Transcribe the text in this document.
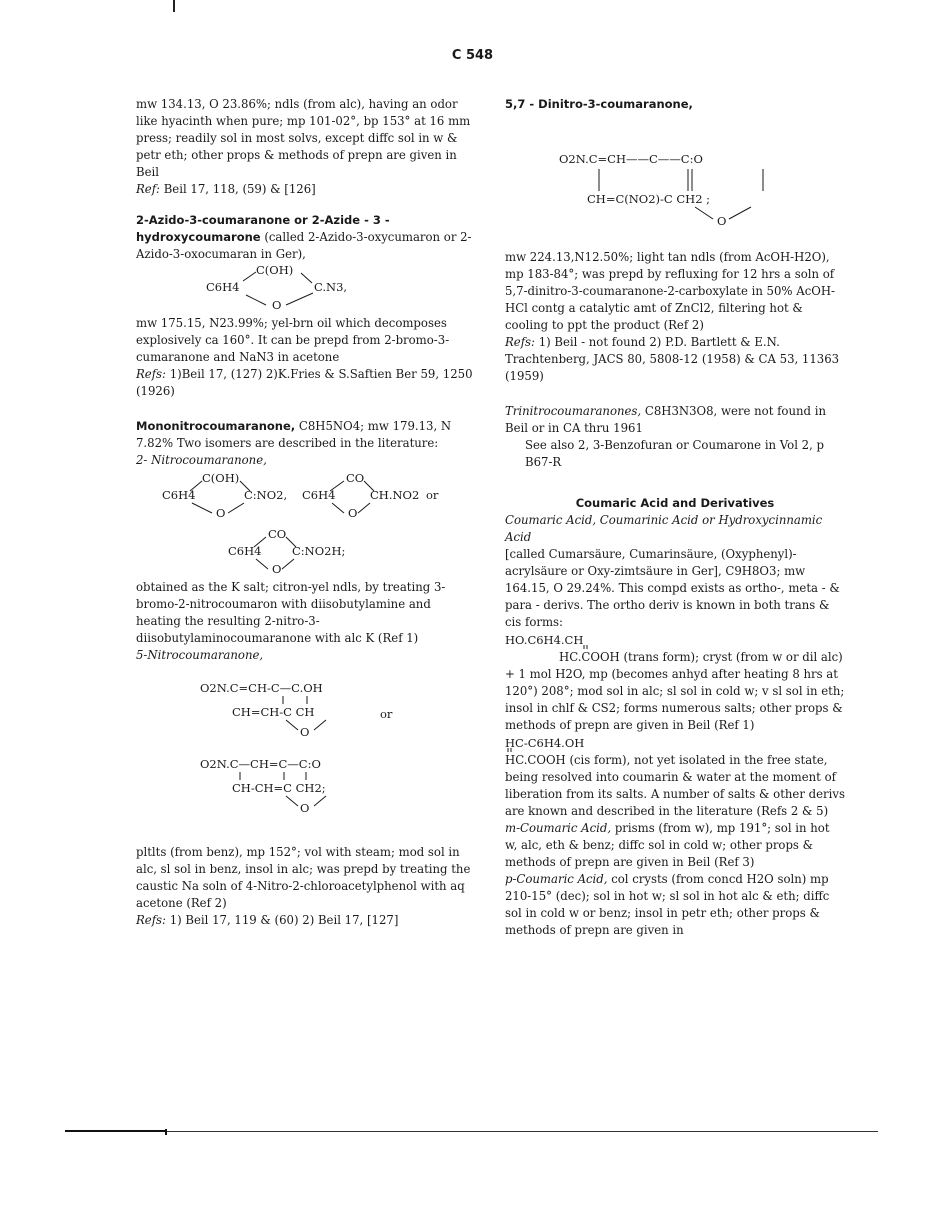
C 548

mw 134.13, O 23.86%; ndls (from alc), having an odor like hyacinth when pure; mp 101-02°, bp 153° at 16 mm press; readily sol in most solvs, except diffc sol in w & petr eth; other props & methods of prepn are given in Beil

Ref: Beil 17, 118, (59) & [126]

2-Azido-3-coumaranone or 2-Azide - 3 - hydroxycoumarone (called 2-Azido-3-oxycumaron or 2-Azido-3-oxocumaran in Ger),

C(OH)
C6H4	C.N3,
O

mw 175.15, N23.99%; yel-brn oil which decomposes explosively ca 160°. It can be prepd from 2-bromo-3-cumaranone and NaN3 in acetone

Refs: 1)Beil 17, (127) 2)K.Fries & S.Saftien Ber 59, 1250 (1926)

Mononitrocoumaranone, C8H5NO4; mw 179.13, N 7.82% Two isomers are described in the literature:

2- Nitrocoumaranone,

C(OH)
C6H4	C:NO2,
O
CO
C6H4	CH.NO2 or
O
CO
C6H4	C:NO2H;
O

obtained as the K salt; citron-yel ndls, by treating 3-bromo-2-nitrocoumaron with diisobutylamine and heating the resulting 2-nitro-3-diisobutylaminocoumaranone with alc K (Ref 1)

5-Nitrocoumaranone,

O2N.C=CH-C—C.OH
CH=CH-C CH
O
or
O2N.C—CH=C—C:O
CH-CH=C CH2;
O

pltlts (from benz), mp 152°; vol with steam; mod sol in alc, sl sol in benz, insol in alc; was prepd by treating the caustic Na soln of 4-Nitro-2-chloroacetylphenol with aq acetone (Ref 2)

Refs: 1) Beil 17, 119 & (60) 2) Beil 17, [127]

5,7 - Dinitro-3-coumaranone,

O2N.C=CH——C——C:O
CH=C(NO2)-C CH2 ;
O

mw 224.13,N12.50%; light tan ndls (from AcOH-H2O), mp 183-84°; was prepd by refluxing for 12 hrs a soln of 5,7-dinitro-3-coumaranone-2-carboxylate in 50% AcOH-HCl contg a catalytic amt of ZnCl2, filtering hot & cooling to ppt the product (Ref 2)

Refs: 1) Beil - not found 2) P.D. Bartlett & E.N. Trachtenberg, JACS 80, 5808-12 (1958) & CA 53, 11363 (1959)

Trinitrocoumaranones, C8H3N3O8, were not found in Beil or in CA thru 1961

See also 2, 3-Benzofuran or Coumarone in Vol 2, p B67-R

Coumaric Acid and Derivatives

Coumaric Acid, Coumarinic Acid or Hydroxycinnamic Acid

[called Cumarsäure, Cumarinsäure, (Oxyphenyl)-acrylsäure or Oxy-zimtsäure in Ger], C9H8O3; mw 164.15, O 29.24%. This compd exists as ortho-, meta - & para - derivs. The ortho deriv is known in both trans & cis forms:

HO.C6H4.CH

HC.COOH (trans form); cryst (from w or dil alc) + 1 mol H2O, mp (becomes anhyd after heating 8 hrs at 120°) 208°; mod sol in alc; sl sol in cold w; v sl sol in eth; insol in chlf & CS2; forms numerous salts; other props & methods of prepn are given in Beil (Ref 1)

HC-C6H4.OH

HC.COOH (cis form), not yet isolated in the free state, being resolved into coumarin & water at the moment of liberation from its salts. A number of salts & other derivs are known and described in the literature (Refs 2 & 5)

m-Coumaric Acid, prisms (from w), mp 191°; sol in hot w, alc, eth & benz; diffc sol in cold w; other props & methods of prepn are given in Beil (Ref 3)

p-Coumaric Acid, col crysts (from concd H2O soln) mp 210-15° (dec); sol in hot w; sl sol in hot alc & eth; diffc sol in cold w or benz; insol in petr eth; other props & methods of prepn are given in
